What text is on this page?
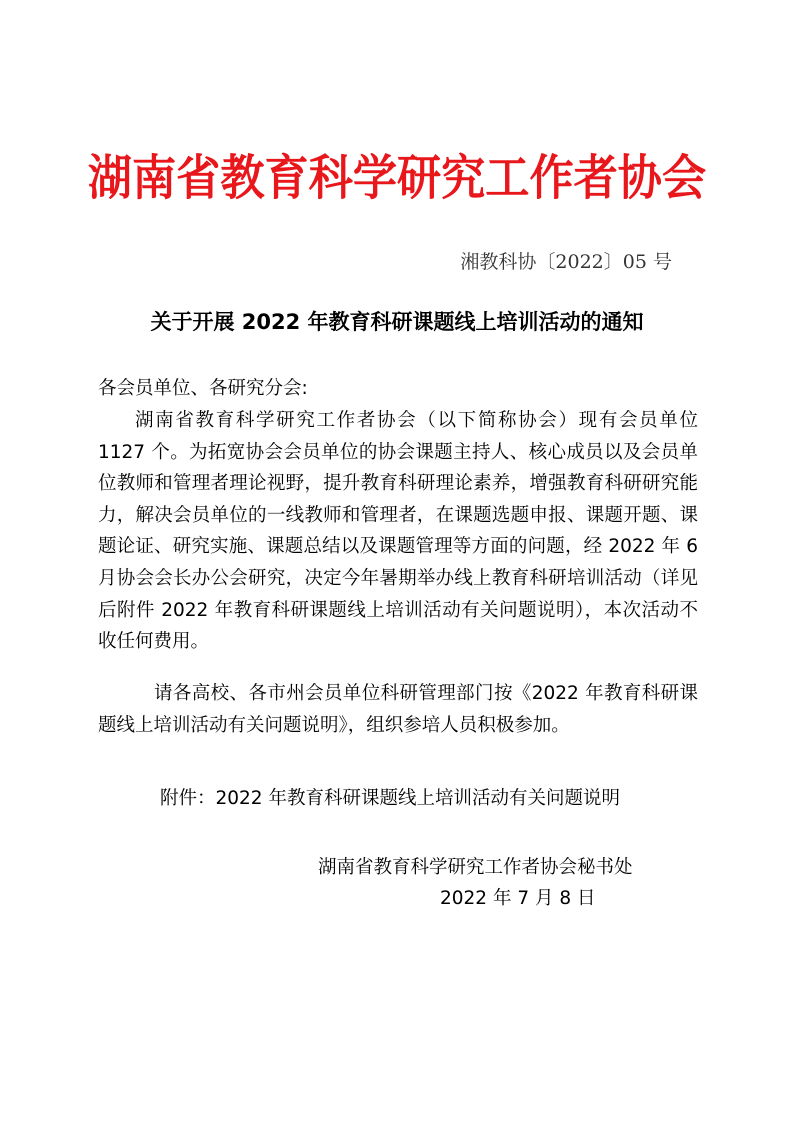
湖南省教育科学研究工作者协会
湘教科协〔2022〕05 号
关于开展 2022 年教育科研课题线上培训活动的通知
各会员单位、各研究分会:
湖南省教育科学研究工作者协会（以下简称协会）现有会员单位 1127 个。为拓宽协会会员单位的协会课题主持人、核心成员以及会员单位教师和管理者理论视野，提升教育科研理论素养，增强教育科研研究能力，解决会员单位的一线教师和管理者，在课题选题申报、课题开题、课题论证、研究实施、课题总结以及课题管理等方面的问题，经 2022 年 6 月协会会长办公会研究，决定今年暑期举办线上教育科研培训活动（详见后附件 2022 年教育科研课题线上培训活动有关问题说明），本次活动不收任何费用。
请各高校、各市州会员单位科研管理部门按《2022 年教育科研课题线上培训活动有关问题说明》，组织参培人员积极参加。
附件：2022 年教育科研课题线上培训活动有关问题说明
湖南省教育科学研究工作者协会秘书处
2022 年 7 月 8 日
